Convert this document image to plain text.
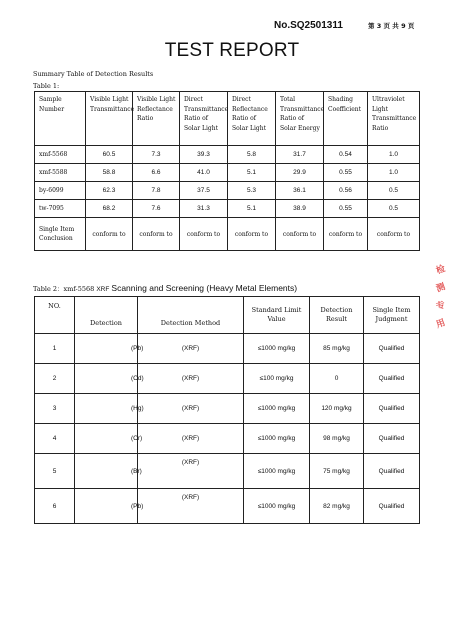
No.SQ2501311	第 3 页 共 9 页
TEST REPORT
Summary Table of Detection Results
Table 1:
Sample Number	Visible Light Transmittance	Visible Light Reflectance Ratio	Direct Transmittance Ratio of Solar Light	Direct Reflectance Ratio of Solar Light	Total Transmittance Ratio of Solar Energy	Shading Coefficient	Ultraviolet Light Transmittance Ratio
xmf-5568	60.5	7.3	39.3	5.8	31.7	0.54	1.0
xmf-5588	58.8	6.6	41.0	5.1	29.9	0.55	1.0
by-6099	62.3	7.8	37.5	5.3	36.1	0.56	0.5
tw-7095	68.2	7.6	31.3	5.1	38.9	0.55	0.5
Single Item Conclusion	conform to	conform to	conform to	conform to	conform to	conform to	conform to
Table 2：xmf-5568 XRF Scanning and Screening (Heavy Metal Elements)
NO.	Detection	Detection Method	Standard Limit Value	Detection Result	Single Item Judgment
1	(Pb)	(XRF)	≤1000 mg/kg	85 mg/kg	Qualified
2	(Cd)	(XRF)	≤100 mg/kg	0	Qualified
3	(Hg)	(XRF)	≤1000 mg/kg	120 mg/kg	Qualified
4	(Cr)	(XRF)	≤1000 mg/kg	98 mg/kg	Qualified
5	(Br)	(XRF)	≤1000 mg/kg	75 mg/kg	Qualified
6	(Pb)	(XRF)	≤1000 mg/kg	82 mg/kg	Qualified
检
测
专
用
